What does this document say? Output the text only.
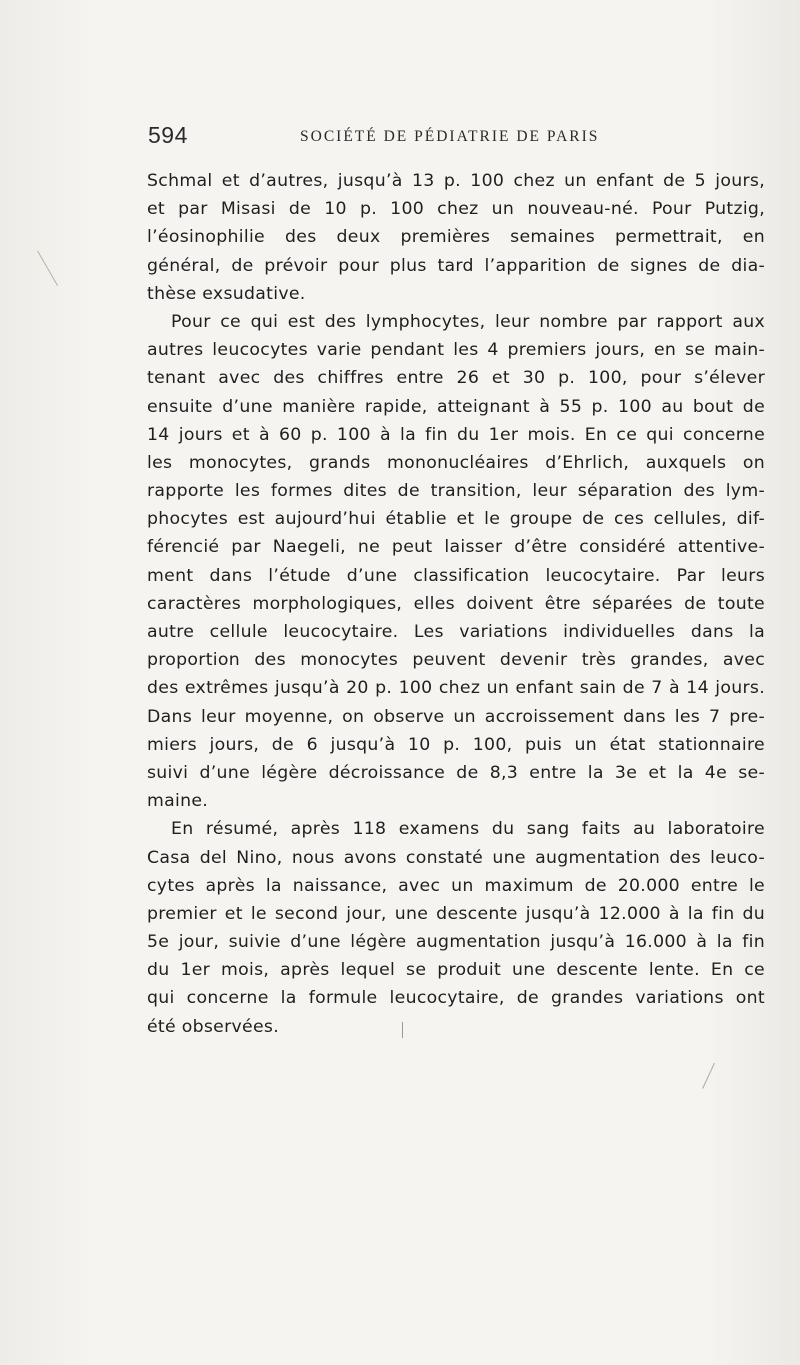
594	SOCIÉTÉ DE PÉDIATRIE DE PARIS
Schmal et d’autres, jusqu’à 13 p. 100 chez un enfant de 5 jours,
et par Misasi de 10 p. 100 chez un nouveau-né. Pour Putzig,
l’éosinophilie des deux premières semaines permettrait, en
général, de prévoir pour plus tard l’apparition de signes de dia-
thèse exsudative.
Pour ce qui est des lymphocytes, leur nombre par rapport aux
autres leucocytes varie pendant les 4 premiers jours, en se main-
tenant avec des chiffres entre 26 et 30 p. 100, pour s’élever
ensuite d’une manière rapide, atteignant à 55 p. 100 au bout de
14 jours et à 60 p. 100 à la fin du 1er mois. En ce qui concerne
les monocytes, grands mononucléaires d’Ehrlich, auxquels on
rapporte les formes dites de transition, leur séparation des lym-
phocytes est aujourd’hui établie et le groupe de ces cellules, dif-
férencié par Naegeli, ne peut laisser d’être considéré attentive-
ment dans l’étude d’une classification leucocytaire. Par leurs
caractères morphologiques, elles doivent être séparées de toute
autre cellule leucocytaire. Les variations individuelles dans la
proportion des monocytes peuvent devenir très grandes, avec
des extrêmes jusqu’à 20 p. 100 chez un enfant sain de 7 à 14 jours.
Dans leur moyenne, on observe un accroissement dans les 7 pre-
miers jours, de 6 jusqu’à 10 p. 100, puis un état stationnaire
suivi d’une légère décroissance de 8,3 entre la 3e et la 4e se-
maine.
En résumé, après 118 examens du sang faits au laboratoire
Casa del Nino, nous avons constaté une augmentation des leuco-
cytes après la naissance, avec un maximum de 20.000 entre le
premier et le second jour, une descente jusqu’à 12.000 à la fin du
5e jour, suivie d’une légère augmentation jusqu’à 16.000 à la fin
du 1er mois, après lequel se produit une descente lente. En ce
qui concerne la formule leucocytaire, de grandes variations ont
été observées.
